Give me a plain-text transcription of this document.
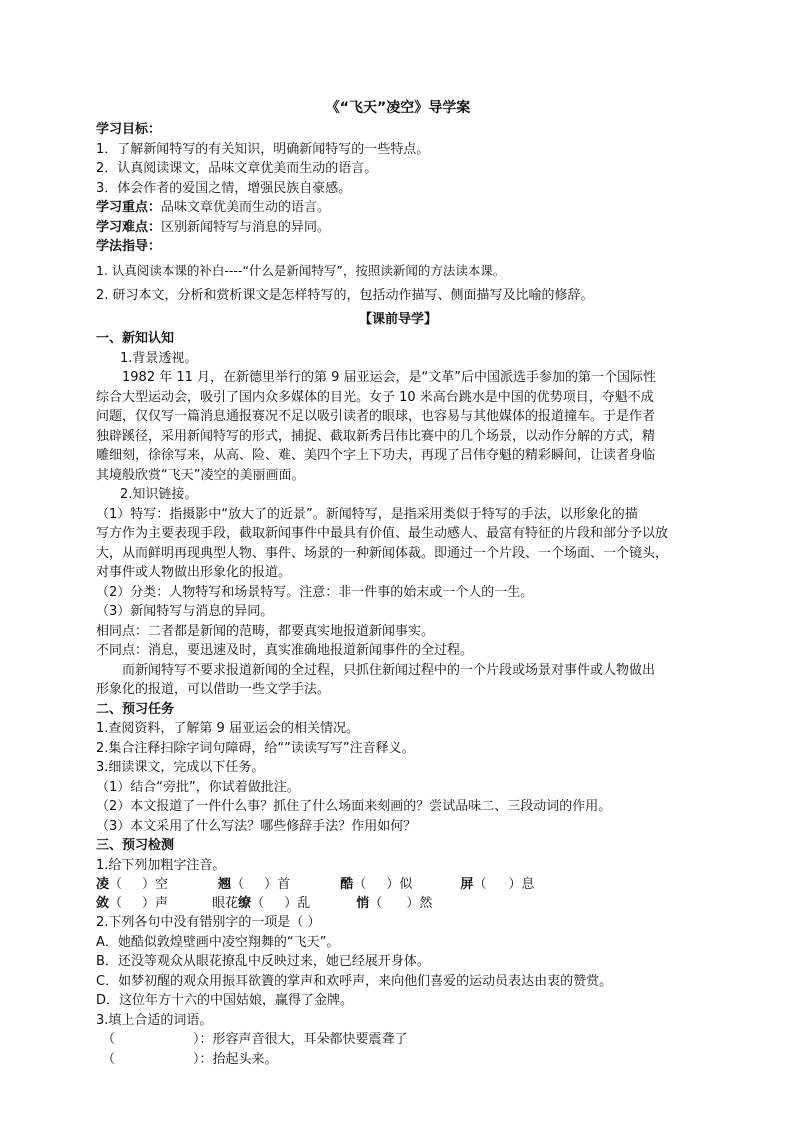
《“飞天”凌空》导学案
学习目标：
1．了解新闻特写的有关知识，明确新闻特写的一些特点。
2．认真阅读课文，品味文章优美而生动的语言。
3．体会作者的爱国之情，增强民族自豪感。
学习重点：品味文章优美而生动的语言。
学习难点：区别新闻特写与消息的异同。
学法指导：
1. 认真阅读本课的补白----“什么是新闻特写”，按照读新闻的方法读本课。
2. 研习本文，分析和赏析课文是怎样特写的，包括动作描写、侧面描写及比喻的修辞。
【课前导学】
一、新知认知
1.背景透视。
1982 年 11 月，在新德里举行的第 9 届亚运会，是“文革”后中国派选手参加的第一个国际性
综合大型运动会，吸引了国内众多媒体的目光。女子 10 米高台跳水是中国的优势项目，夺魁不成
问题，仅仅写一篇消息通报赛况不足以吸引读者的眼球，也容易与其他媒体的报道撞车。于是作者
独辟蹊径，采用新闻特写的形式，捕捉、截取新秀吕伟比赛中的几个场景，以动作分解的方式，精
雕细刻，徐徐写来，从高、险、难、美四个字上下功夫，再现了吕伟夺魁的精彩瞬间，让读者身临
其境般欣赏“飞天”凌空的美丽画面。
2.知识链接。
（1）特写：指摄影中“放大了的近景”。新闻特写，是指采用类似于特写的手法，以形象化的描
写方作为主要表现手段，截取新闻事件中最具有价值、最生动感人、最富有特征的片段和部分予以放
大，从而鲜明再现典型人物、事件、场景的一种新闻体裁。即通过一个片段、一个场面、一个镜头，
对事件或人物做出形象化的报道。
（2）分类：人物特写和场景特写。注意：非一件事的始末或一个人的一生。
（3）新闻特写与消息的异同。
相同点：二者都是新闻的范畴，都要真实地报道新闻事实。
不同点：消息，要迅速及时，真实准确地报道新闻事件的全过程。
而新闻特写不要求报道新闻的全过程，只抓住新闻过程中的一个片段或场景对事件或人物做出
形象化的报道，可以借助一些文学手法。
二、预习任务
1.查阅资料，了解第 9 届亚运会的相关情况。
2.集合注释扫除字词句障碍，给“”读读写写”注音释义。
3.细读课文，完成以下任务。
（1）结合“旁批”，你试着做批注。
（2）本文报道了一件什么事？抓住了什么场面来刻画的？尝试品味二、三段动词的作用。
（3）本文采用了什么写法？哪些修辞手法？作用如何？
三、预习检测
1.给下列加粗字注音。
凌（ ）空	翘（ ）首	酷（ ）似	屏（ ）息
敛（ ）声	眼花缭（ ）乱	悄（ ）然
2.下列各句中没有错别字的一项是（ ）
A．她酷似敦煌壁画中凌空翔舞的“飞天”。
B．还没等观众从眼花撩乱中反映过来，她已经展开身体。
C．如梦初醒的观众用振耳欲簀的掌声和欢呼声，来向他们喜爱的运动员表达由衷的赞赏。
D．这位年方十六的中国姑娘，赢得了金牌。
3.填上合适的词语。
（	）：形容声音很大，耳朵都快要震聋了
（	）：抬起头来。
